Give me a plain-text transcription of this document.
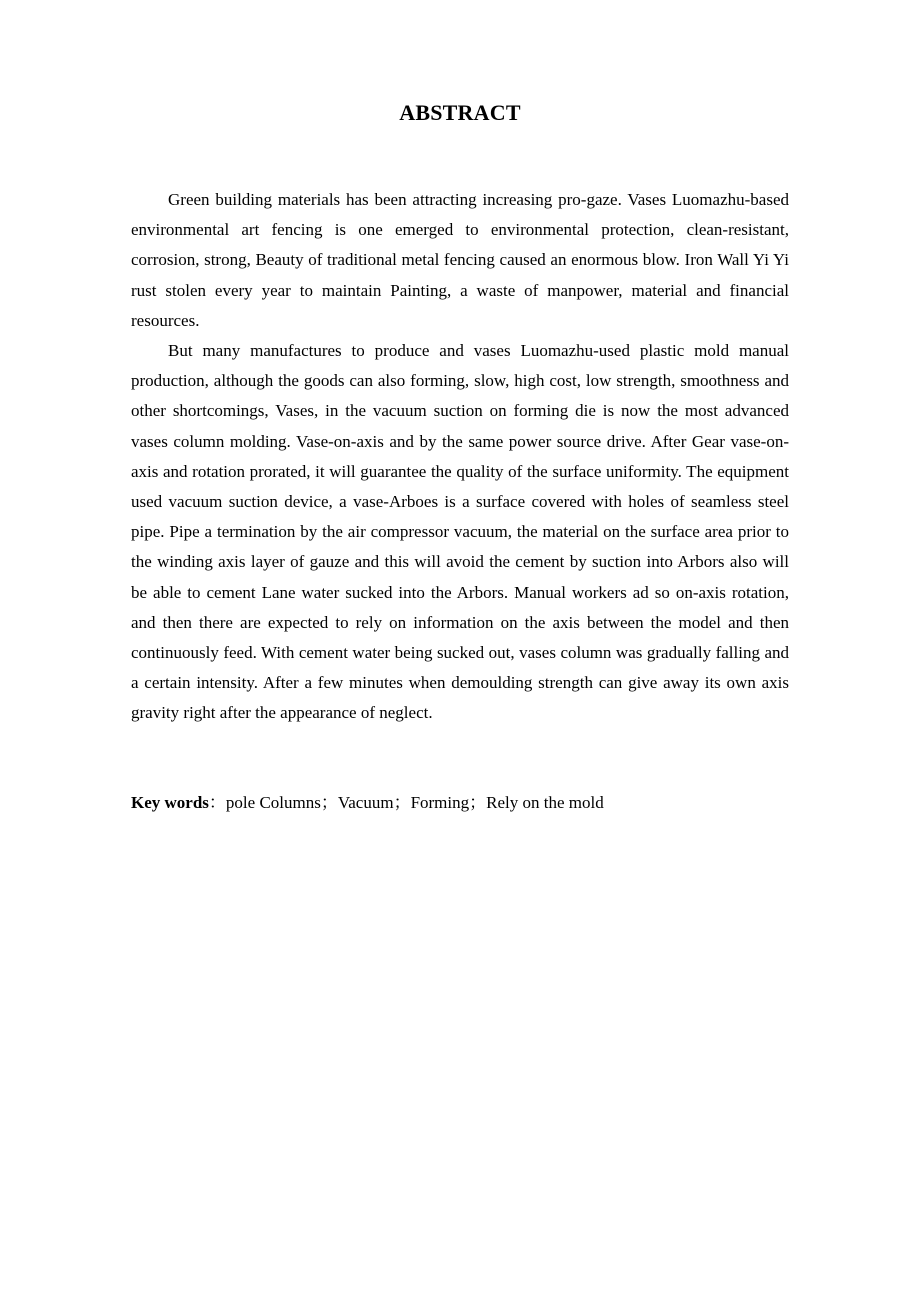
ABSTRACT

Green building materials has been attracting increasing pro-gaze. Vases Luomazhu-based environmental art fencing is one emerged to environmental protection, clean-resistant, corrosion, strong, Beauty of traditional metal fencing caused an enormous blow. Iron Wall Yi Yi rust stolen every year to maintain Painting, a waste of manpower, material and financial resources.

But many manufactures to produce and vases Luomazhu-used plastic mold manual production, although the goods can also forming, slow, high cost, low strength, smoothness and other shortcomings, Vases, in the vacuum suction on forming die is now the most advanced vases column molding. Vase-on-axis and by the same power source drive. After Gear vase-on-axis and rotation prorated, it will guarantee the quality of the surface uniformity. The equipment used vacuum suction device, a vase-Arboes is a surface covered with holes of seamless steel pipe. Pipe a termination by the air compressor vacuum, the material on the surface area prior to the winding axis layer of gauze and this will avoid the cement by suction into Arbors also will be able to cement Lane water sucked into the Arbors. Manual workers ad so on-axis rotation, and then there are expected to rely on information on the axis between the model and then continuously feed. With cement water being sucked out, vases column was gradually falling and a certain intensity. After a few minutes when demoulding strength can give away its own axis gravity right after the appearance of neglect.

Key words：pole Columns；Vacuum；Forming；Rely on the mold
